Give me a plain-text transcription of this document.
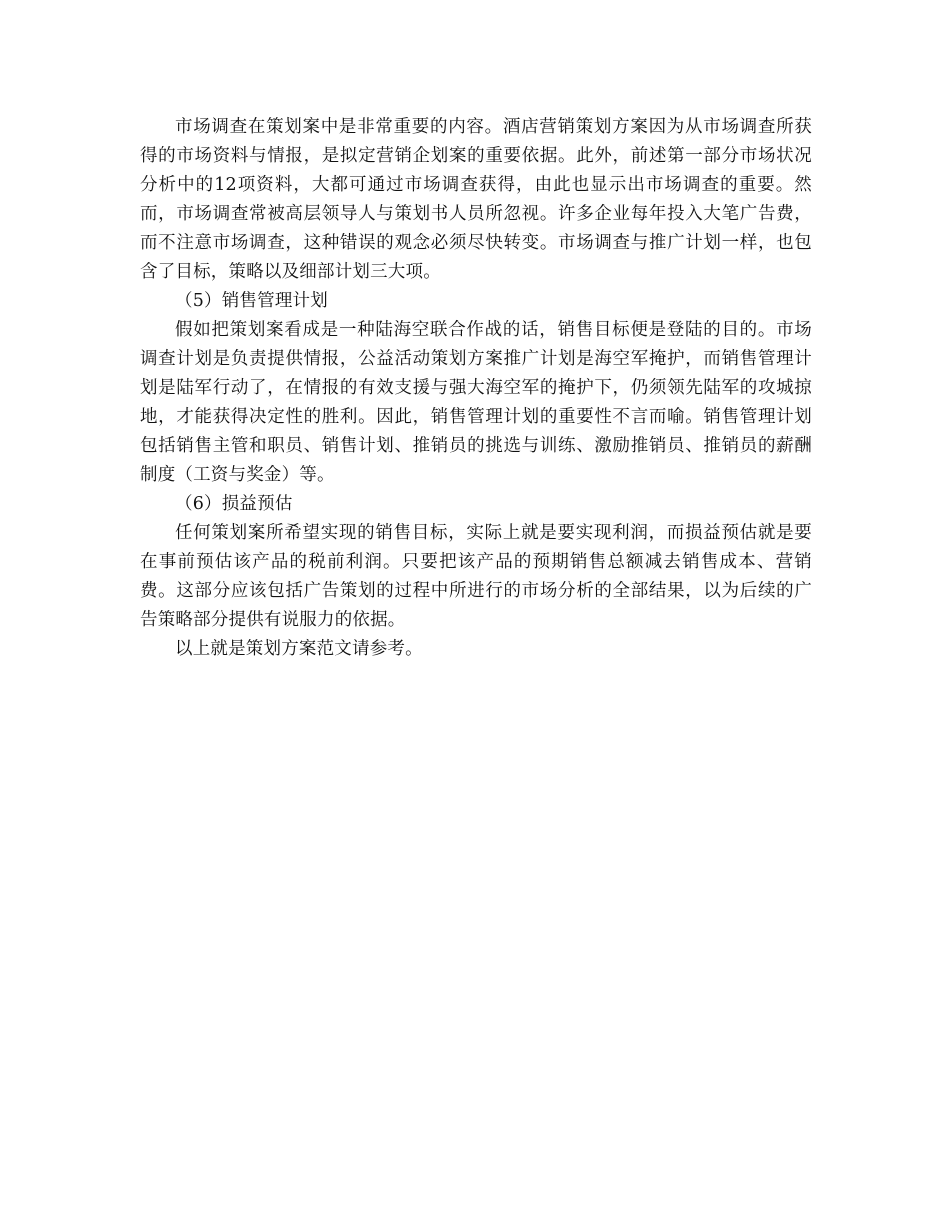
市场调查在策划案中是非常重要的内容。酒店营销策划方案因为从市场调查所获得的市场资料与情报，是拟定营销企划案的重要依据。此外，前述第一部分市场状况分析中的12项资料，大都可通过市场调查获得，由此也显示出市场调查的重要。然而，市场调查常被高层领导人与策划书人员所忽视。许多企业每年投入大笔广告费，而不注意市场调查，这种错误的观念必须尽快转变。市场调查与推广计划一样，也包含了目标，策略以及细部计划三大项。

（5）销售管理计划

假如把策划案看成是一种陆海空联合作战的话，销售目标便是登陆的目的。市场调查计划是负责提供情报，公益活动策划方案推广计划是海空军掩护，而销售管理计划是陆军行动了，在情报的有效支援与强大海空军的掩护下，仍须领先陆军的攻城掠地，才能获得决定性的胜利。因此，销售管理计划的重要性不言而喻。销售管理计划包括销售主管和职员、销售计划、推销员的挑选与训练、激励推销员、推销员的薪酬制度（工资与奖金）等。

（6）损益预估

任何策划案所希望实现的销售目标，实际上就是要实现利润，而损益预估就是要在事前预估该产品的税前利润。只要把该产品的预期销售总额减去销售成本、营销费。这部分应该包括广告策划的过程中所进行的市场分析的全部结果，以为后续的广告策略部分提供有说服力的依据。

以上就是策划方案范文请参考。
